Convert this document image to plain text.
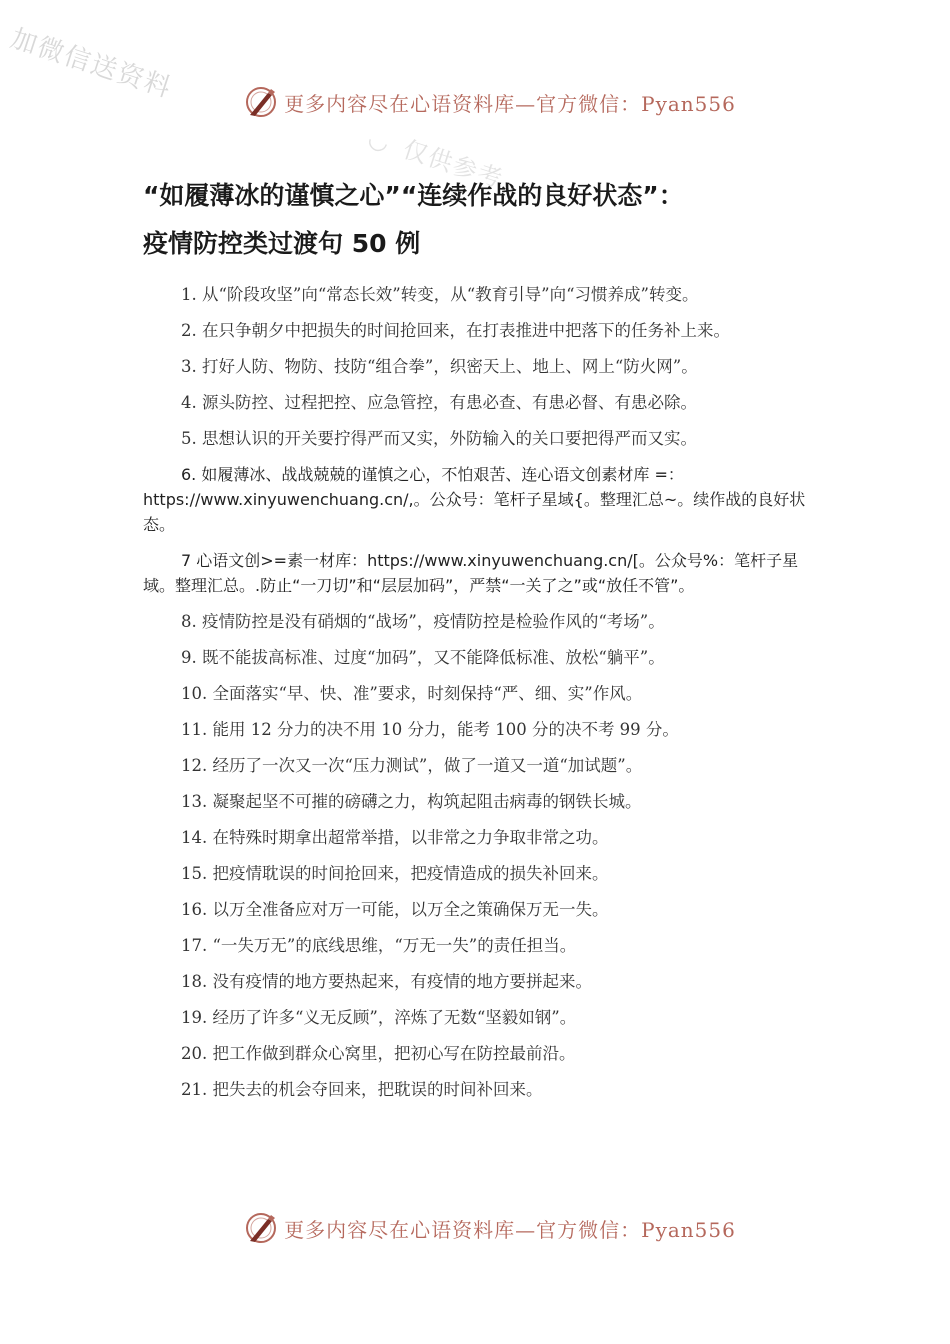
加微信送资料
◡ 仅供参考
更多内容尽在心语资料库—官方微信：Pyan556
“如履薄冰的谨慎之心”“连续作战的良好状态”：
疫情防控类过渡句 50 例

1. 从“阶段攻坚”向“常态长效”转变，从“教育引导”向“习惯养成”转变。

2. 在只争朝夕中把损失的时间抢回来，在打表推进中把落下的任务补上来。

3. 打好人防、物防、技防“组合拳”，织密天上、地上、网上“防火网”。

4. 源头防控、过程把控、应急管控，有患必查、有患必督、有患必除。

5. 思想认识的开关要拧得严而又实，外防输入的关口要把得严而又实。

6. 如履薄冰、战战兢兢的谨慎之心，不怕艰苦、连心语文创素材库 =：https://www.xinyuwenchuang.cn/,。公众号：笔杆子星域{。整理汇总~。续作战的良好状态。

7 心语文创>=素一材库：https://www.xinyuwenchuang.cn/[。公众号%：笔杆子星域。整理汇总。.防止“一刀切”和“层层加码”，严禁“一关了之”或“放任不管”。

8. 疫情防控是没有硝烟的“战场”，疫情防控是检验作风的“考场”。

9. 既不能拔高标准、过度“加码”，又不能降低标准、放松“躺平”。

10. 全面落实“早、快、准”要求，时刻保持“严、细、实”作风。

11. 能用 12 分力的决不用 10 分力，能考 100 分的决不考 99 分。

12. 经历了一次又一次“压力测试”，做了一道又一道“加试题”。

13. 凝聚起坚不可摧的磅礴之力，构筑起阻击病毒的钢铁长城。

14. 在特殊时期拿出超常举措，以非常之力争取非常之功。

15. 把疫情耽误的时间抢回来，把疫情造成的损失补回来。

16. 以万全准备应对万一可能，以万全之策确保万无一失。

17. “一失万无”的底线思维，“万无一失”的责任担当。

18. 没有疫情的地方要热起来，有疫情的地方要拼起来。

19. 经历了许多“义无反顾”，淬炼了无数“坚毅如钢”。

20. 把工作做到群众心窝里，把初心写在防控最前沿。

21. 把失去的机会夺回来，把耽误的时间补回来。

更多内容尽在心语资料库—官方微信：Pyan556
